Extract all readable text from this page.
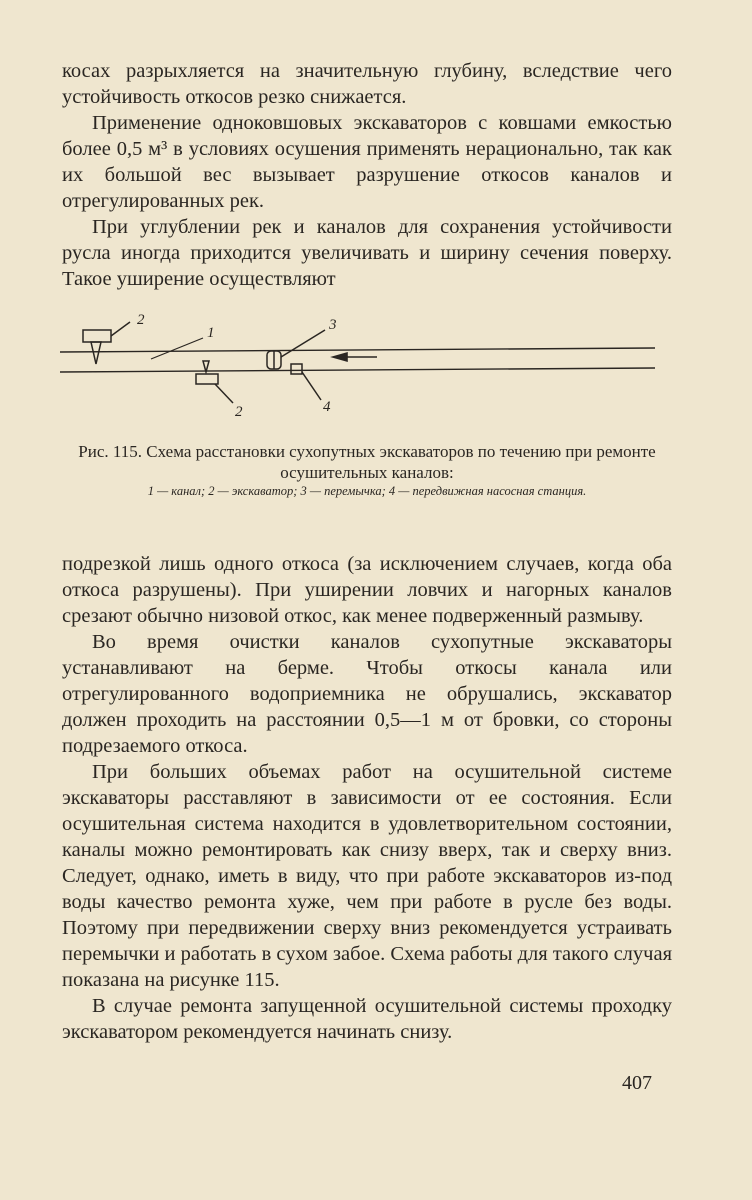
косах разрыхляется на значительную глубину, вследствие чего устойчивость откосов резко снижается.

Применение одноковшовых экскаваторов с ковшами емкостью более 0,5 м³ в условиях осушения применять нерационально, так как их большой вес вызывает разрушение откосов каналов и отрегулированных рек.

При углублении рек и каналов для сохранения устойчивости русла иногда приходится увеличивать и ширину сечения поверху. Такое уширение осуществляют

2
1	3
2	4
Рис. 115. Схема расстановки сухопутных экскаваторов по течению при ремонте осушительных каналов:
1 — канал; 2 — экскаватор; 3 — перемычка; 4 — передвижная насосная станция.

подрезкой лишь одного откоса (за исключением случаев, когда оба откоса разрушены). При уширении ловчих и нагорных каналов срезают обычно низовой откос, как менее подверженный размыву.

Во время очистки каналов сухопутные экскаваторы устанавливают на берме. Чтобы откосы канала или отрегулированного водоприемника не обрушались, экскаватор должен проходить на расстоянии 0,5—1 м от бровки, со стороны подрезаемого откоса.

При больших объемах работ на осушительной системе экскаваторы расставляют в зависимости от ее состояния. Если осушительная система находится в удовлетворительном состоянии, каналы можно ремонтировать как снизу вверх, так и сверху вниз. Следует, однако, иметь в виду, что при работе экскаваторов из-под воды качество ремонта хуже, чем при работе в русле без воды. Поэтому при передвижении сверху вниз рекомендуется устраивать перемычки и работать в сухом забое. Схема работы для такого случая показана на рисунке 115.

В случае ремонта запущенной осушительной системы проходку экскаватором рекомендуется начинать снизу.

407
